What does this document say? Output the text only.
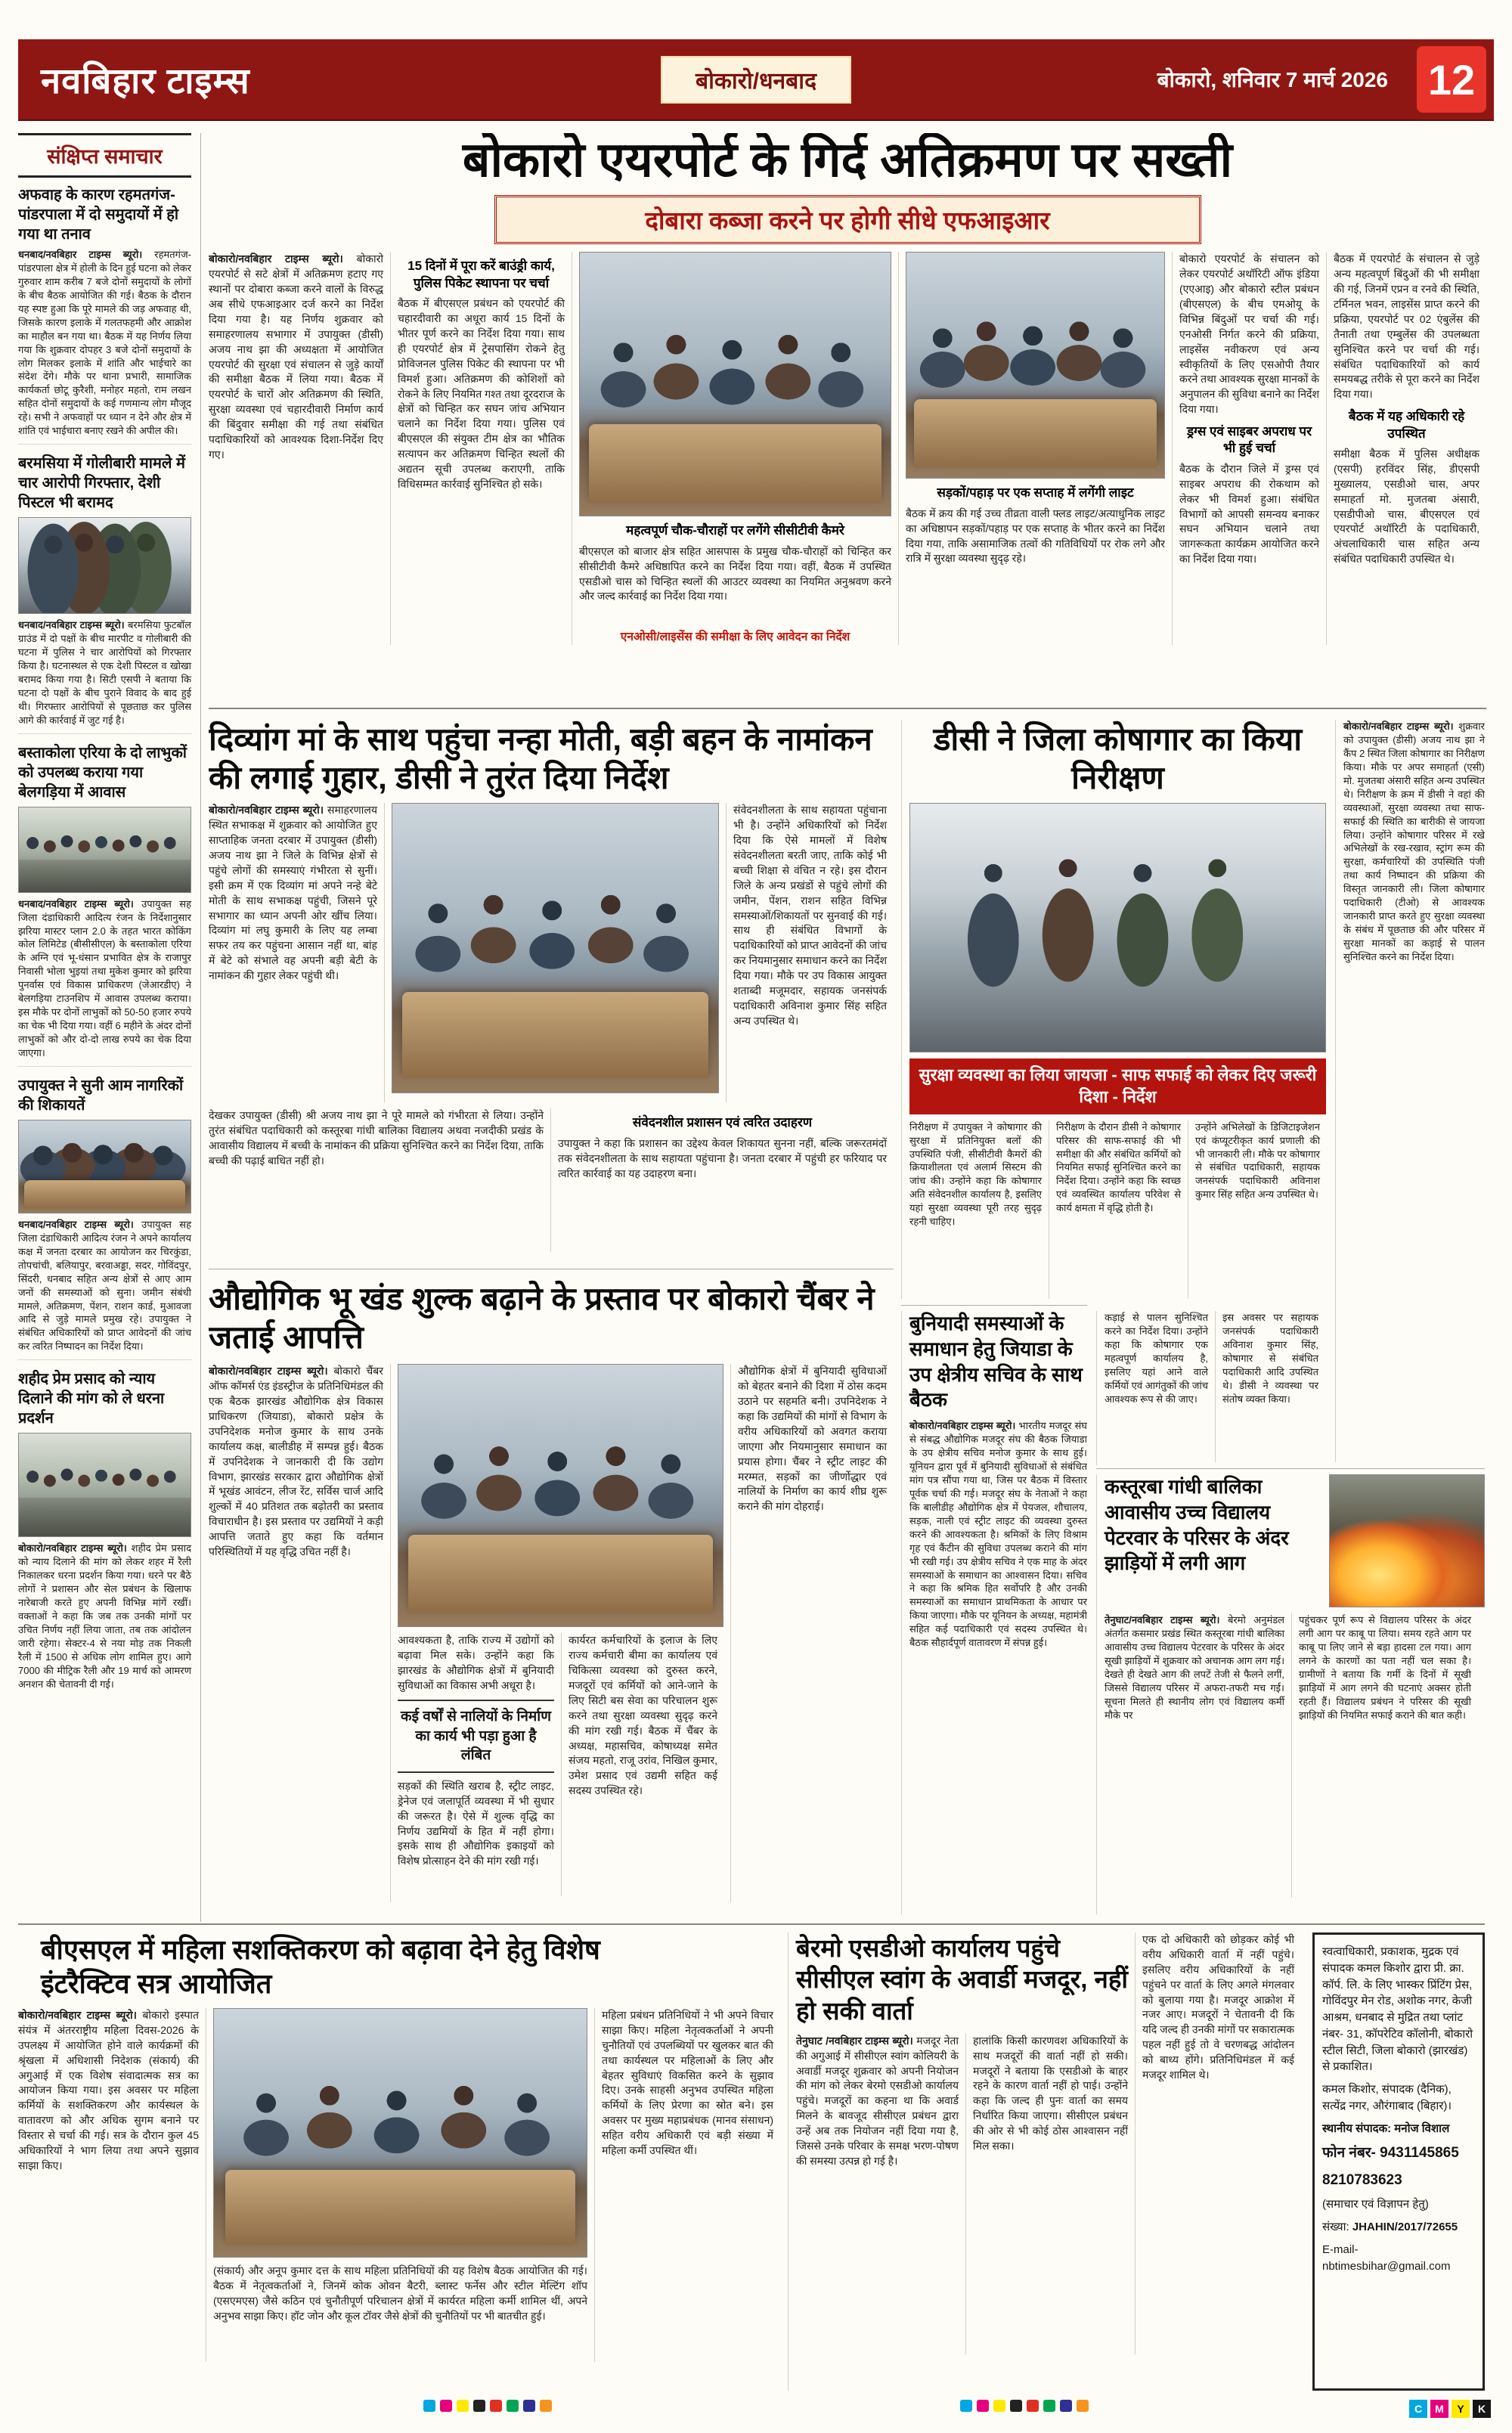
नवबिहार टाइम्स	बोकारो/धनबाद	बोकारो, शनिवार 7 मार्च 2026 12
संक्षिप्त समाचार
अफवाह के कारण रहमतगंज-पांडरपाला में दो समुदायों में हो गया था तनाव

धनबाद/नवबिहार टाइम्स ब्यूरो। रहमतगंज-पांडरपाला क्षेत्र में होली के दिन हुई घटना को लेकर गुरुवार शाम करीब 7 बजे दोनों समुदायों के लोगों के बीच बैठक आयोजित की गई। बैठक के दौरान यह स्पष्ट हुआ कि पूरे मामले की जड़ अफवाह थी, जिसके कारण इलाके में गलतफहमी और आक्रोश का माहौल बन गया था। बैठक में यह निर्णय लिया गया कि शुक्रवार दोपहर 3 बजे दोनों समुदायों के लोग मिलकर इलाके में शांति और भाईचारे का संदेश देंगे। मौके पर थाना प्रभारी, सामाजिक कार्यकर्ता छोटू कुरैशी, मनोहर महतो, राम लखन सहित दोनों समुदायों के कई गणमान्य लोग मौजूद रहे। सभी ने अफवाहों पर ध्यान न देने और क्षेत्र में शांति एवं भाईचारा बनाए रखने की अपील की।

बरमसिया में गोलीबारी मामले में चार आरोपी गिरफ्तार, देशी पिस्टल भी बरामद

धनबाद/नवबिहार टाइम्स ब्यूरो। बरमसिया फुटबॉल ग्राउंड में दो पक्षों के बीच मारपीट व गोलीबारी की घटना में पुलिस ने चार आरोपियों को गिरफ्तार किया है। घटनास्थल से एक देशी पिस्टल व खोखा बरामद किया गया है। सिटी एसपी ने बताया कि घटना दो पक्षों के बीच पुराने विवाद के बाद हुई थी। गिरफ्तार आरोपियों से पूछताछ कर पुलिस आगे की कार्रवाई में जुट गई है।

बस्ताकोला एरिया के दो लाभुकों को उपलब्ध कराया गया बेलगड़िया में आवास

धनबाद/नवबिहार टाइम्स ब्यूरो। उपायुक्त सह जिला दंडाधिकारी आदित्य रंजन के निर्देशानुसार झरिया मास्टर प्लान 2.0 के तहत भारत कोकिंग कोल लिमिटेड (बीसीसीएल) के बस्ताकोला एरिया के अग्नि एवं भू-धंसान प्रभावित क्षेत्र के राजापुर निवासी भोला भुइयां तथा मुकेश कुमार को झरिया पुनर्वास एवं विकास प्राधिकरण (जेआरडीए) ने बेलगड़िया टाउनशिप में आवास उपलब्ध कराया। इस मौके पर दोनों लाभुकों को 50-50 हजार रुपये का चेक भी दिया गया। वहीं 6 महीने के अंदर दोनों लाभुकों को और दो-दो लाख रुपये का चेक दिया जाएगा।

उपायुक्त ने सुनी आम नागरिकों की शिकायतें

धनबाद/नवबिहार टाइम्स ब्यूरो। उपायुक्त सह जिला दंडाधिकारी आदित्य रंजन ने अपने कार्यालय कक्ष में जनता दरबार का आयोजन कर चिरकुंडा, तोपचांची, बलियापुर, बरवाअड्डा, सदर, गोविंदपुर, सिंदरी, धनबाद सहित अन्य क्षेत्रों से आए आम जनों की समस्याओं को सुना। जमीन संबंधी मामले, अतिक्रमण, पेंशन, राशन कार्ड, मुआवजा आदि से जुड़े मामले प्रमुख रहे। उपायुक्त ने संबंधित अधिकारियों को प्राप्त आवेदनों की जांच कर त्वरित निष्पादन का निर्देश दिया।

शहीद प्रेम प्रसाद को न्याय दिलाने की मांग को ले धरना प्रदर्शन

बोकारो/नवबिहार टाइम्स ब्यूरो। शहीद प्रेम प्रसाद को न्याय दिलाने की मांग को लेकर शहर में रैली निकालकर धरना प्रदर्शन किया गया। धरने पर बैठे लोगों ने प्रशासन और सेल प्रबंधन के खिलाफ नारेबाजी करते हुए अपनी विभिन्न मांगें रखीं। वक्ताओं ने कहा कि जब तक उनकी मांगों पर उचित निर्णय नहीं लिया जाता, तब तक आंदोलन जारी रहेगा। सेक्टर-4 से नया मोड़ तक निकली रैली में 1500 से अधिक लोग शामिल हुए। आगे 7000 की मीट्रिक रैली और 19 मार्च को आमरण अनशन की चेतावनी दी गई।

बोकारो एयरपोर्ट के गिर्द अतिक्रमण पर सख्ती
दोबारा कब्जा करने पर होगी सीधे एफआइआर

बोकारो/नवबिहार टाइम्स ब्यूरो। बोकारो एयरपोर्ट से सटे क्षेत्रों में अतिक्रमण हटाए गए स्थानों पर दोबारा कब्जा करने वालों के विरुद्ध अब सीधे एफआइआर दर्ज करने का निर्देश दिया गया है। यह निर्णय शुक्रवार को समाहरणालय सभागार में उपायुक्त (डीसी) अजय नाथ झा की अध्यक्षता में आयोजित एयरपोर्ट की सुरक्षा एवं संचालन से जुड़े कार्यों की समीक्षा बैठक में लिया गया। बैठक में एयरपोर्ट के चारों ओर अतिक्रमण की स्थिति, सुरक्षा व्यवस्था एवं चहारदीवारी निर्माण कार्य की बिंदुवार समीक्षा की गई तथा संबंधित पदाधिकारियों को आवश्यक दिशा-निर्देश दिए गए।

15 दिनों में पूरा करें बाउंड्री कार्य, पुलिस पिकेट स्थापना पर चर्चा

बैठक में बीएसएल प्रबंधन को एयरपोर्ट की चहारदीवारी का अधूरा कार्य 15 दिनों के भीतर पूर्ण करने का निर्देश दिया गया। साथ ही एयरपोर्ट क्षेत्र में ट्रेसपासिंग रोकने हेतु प्रोविजनल पुलिस पिकेट की स्थापना पर भी विमर्श हुआ। अतिक्रमण की कोशिशों को रोकने के लिए नियमित गश्त तथा दूरदराज के क्षेत्रों को चिन्हित कर सघन जांच अभियान चलाने का निर्देश दिया गया। पुलिस एवं बीएसएल की संयुक्त टीम क्षेत्र का भौतिक सत्यापन कर अतिक्रमण चिन्हित स्थलों की अद्यतन सूची उपलब्ध कराएगी, ताकि विधिसम्मत कार्रवाई सुनिश्चित हो सके।

महत्वपूर्ण चौक-चौराहों पर लगेंगे सीसीटीवी कैमरे

बीएसएल को बाजार क्षेत्र सहित आसपास के प्रमुख चौक-चौराहों को चिन्हित कर सीसीटीवी कैमरे अधिष्ठापित करने का निर्देश दिया गया। वहीं, बैठक में उपस्थित एसडीओ चास को चिन्हित स्थलों की आउटर व्यवस्था का नियमित अनुश्रवण करने और जल्द कार्रवाई का निर्देश दिया गया।

एनओसी/लाइसेंस की समीक्षा के लिए आवेदन का निर्देश
सड़कों/पहाड़ पर एक सप्ताह में लगेंगी लाइट

बैठक में क्रय की गई उच्च तीव्रता वाली फ्लड लाइट/अत्याधुनिक लाइट का अधिष्ठापन सड़कों/पहाड़ पर एक सप्ताह के भीतर करने का निर्देश दिया गया, ताकि असामाजिक तत्वों की गतिविधियों पर रोक लगे और रात्रि में सुरक्षा व्यवस्था सुदृढ़ रहे।

बोकारो एयरपोर्ट के संचालन को लेकर एयरपोर्ट अथॉरिटी ऑफ इंडिया (एएआइ) और बोकारो स्टील प्रबंधन (बीएसएल) के बीच एमओयू के विभिन्न बिंदुओं पर चर्चा की गई। एनओसी निर्गत करने की प्रक्रिया, लाइसेंस नवीकरण एवं अन्य स्वीकृतियों के लिए एसओपी तैयार करने तथा आवश्यक सुरक्षा मानकों के अनुपालन की सुविधा बनाने का निर्देश दिया गया।

ड्रग्स एवं साइबर अपराध पर भी हुई चर्चा

बैठक के दौरान जिले में ड्रग्स एवं साइबर अपराध की रोकथाम को लेकर भी विमर्श हुआ। संबंधित विभागों को आपसी समन्वय बनाकर सघन अभियान चलाने तथा जागरूकता कार्यक्रम आयोजित करने का निर्देश दिया गया।

बैठक में एयरपोर्ट के संचालन से जुड़े अन्य महत्वपूर्ण बिंदुओं की भी समीक्षा की गई, जिनमें एप्रन व रनवे की स्थिति, टर्मिनल भवन, लाइसेंस प्राप्त करने की प्रक्रिया, एयरपोर्ट पर 02 एंबुलेंस की तैनाती तथा एम्बुलेंस की उपलब्धता सुनिश्चित करने पर चर्चा की गई। संबंधित पदाधिकारियों को कार्य समयबद्ध तरीके से पूरा करने का निर्देश दिया गया।

बैठक में यह अधिकारी रहे उपस्थित

समीक्षा बैठक में पुलिस अधीक्षक (एसपी) हरविंदर सिंह, डीएसपी मुख्यालय, एसडीओ चास, अपर समाहर्ता मो. मुजतबा अंसारी, एसडीपीओ चास, बीएसएल एवं एयरपोर्ट अथॉरिटी के पदाधिकारी, अंचलाधिकारी चास सहित अन्य संबंधित पदाधिकारी उपस्थित थे।

दिव्यांग मां के साथ पहुंचा नन्हा मोती, बड़ी बहन के नामांकन की लगाई गुहार, डीसी ने तुरंत दिया निर्देश

बोकारो/नवबिहार टाइम्स ब्यूरो। समाहरणालय स्थित सभाकक्ष में शुक्रवार को आयोजित हुए साप्ताहिक जनता दरबार में उपायुक्त (डीसी) अजय नाथ झा ने जिले के विभिन्न क्षेत्रों से पहुंचे लोगों की समस्याएं गंभीरता से सुनीं। इसी क्रम में एक दिव्यांग मां अपने नन्हे बेटे मोती के साथ सभाकक्ष पहुंची, जिसने पूरे सभागार का ध्यान अपनी ओर खींच लिया। दिव्यांग मां लघु कुमारी के लिए यह लम्बा सफर तय कर पहुंचना आसान नहीं था, बांह में बेटे को संभाले वह अपनी बड़ी बेटी के नामांकन की गुहार लेकर पहुंची थी।

संवेदनशीलता के साथ सहायता पहुंचाना भी है। उन्होंने अधिकारियों को निर्देश दिया कि ऐसे मामलों में विशेष संवेदनशीलता बरती जाए, ताकि कोई भी बच्ची शिक्षा से वंचित न रहे। इस दौरान जिले के अन्य प्रखंडों से पहुंचे लोगों की जमीन, पेंशन, राशन सहित विभिन्न समस्याओं/शिकायतों पर सुनवाई की गई। साथ ही संबंधित विभागों के पदाधिकारियों को प्राप्त आवेदनों की जांच कर नियमानुसार समाधान करने का निर्देश दिया गया। मौके पर उप विकास आयुक्त शताब्दी मजूमदार, सहायक जनसंपर्क पदाधिकारी अविनाश कुमार सिंह सहित अन्य उपस्थित थे।

देखकर उपायुक्त (डीसी) श्री अजय नाथ झा ने पूरे मामले को गंभीरता से लिया। उन्होंने तुरंत संबंधित पदाधिकारी को कस्तूरबा गांधी बालिका विद्यालय अथवा नजदीकी प्रखंड के आवासीय विद्यालय में बच्ची के नामांकन की प्रक्रिया सुनिश्चित करने का निर्देश दिया, ताकि बच्ची की पढ़ाई बाधित नहीं हो।

संवेदनशील प्रशासन एवं त्वरित उदाहरण

उपायुक्त ने कहा कि प्रशासन का उद्देश्य केवल शिकायत सुनना नहीं, बल्कि जरूरतमंदों तक संवेदनशीलता के साथ सहायता पहुंचाना है। जनता दरबार में पहुंची हर फरियाद पर त्वरित कार्रवाई का यह उदाहरण बना।

डीसी ने जिला कोषागार का किया निरीक्षण
सुरक्षा व्यवस्था का लिया जायजा - साफ सफाई को लेकर दिए जरूरी दिशा - निर्देश

निरीक्षण में उपायुक्त ने कोषागार की सुरक्षा में प्रतिनियुक्त बलों की उपस्थिति पंजी, सीसीटीवी कैमरों की क्रियाशीलता एवं अलार्म सिस्टम की जांच की। उन्होंने कहा कि कोषागार अति संवेदनशील कार्यालय है, इसलिए यहां सुरक्षा व्यवस्था पूरी तरह सुदृढ़ रहनी चाहिए।

निरीक्षण के दौरान डीसी ने कोषागार परिसर की साफ-सफाई की भी समीक्षा की और संबंधित कर्मियों को नियमित सफाई सुनिश्चित करने का निर्देश दिया। उन्होंने कहा कि स्वच्छ एवं व्यवस्थित कार्यालय परिवेश से कार्य क्षमता में वृद्धि होती है।

उन्होंने अभिलेखों के डिजिटाइजेशन एवं कंप्यूटरीकृत कार्य प्रणाली की भी जानकारी ली। मौके पर कोषागार से संबंधित पदाधिकारी, सहायक जनसंपर्क पदाधिकारी अविनाश कुमार सिंह सहित अन्य उपस्थित थे।

बोकारो/नवबिहार टाइम्स ब्यूरो। शुक्रवार को उपायुक्त (डीसी) अजय नाथ झा ने कैंप 2 स्थित जिला कोषागार का निरीक्षण किया। मौके पर अपर समाहर्ता (एसी) मो. मुजतबा अंसारी सहित अन्य उपस्थित थे। निरीक्षण के क्रम में डीसी ने वहां की व्यवस्थाओं, सुरक्षा व्यवस्था तथा साफ-सफाई की स्थिति का बारीकी से जायजा लिया। उन्होंने कोषागार परिसर में रखे अभिलेखों के रख-रखाव, स्ट्रांग रूम की सुरक्षा, कर्मचारियों की उपस्थिति पंजी तथा कार्य निष्पादन की प्रक्रिया की विस्तृत जानकारी ली। जिला कोषागार पदाधिकारी (टीओ) से आवश्यक जानकारी प्राप्त करते हुए सुरक्षा व्यवस्था के संबंध में पूछताछ की और परिसर में सुरक्षा मानकों का कड़ाई से पालन सुनिश्चित करने का निर्देश दिया।

औद्योगिक भू खंड शुल्क बढ़ाने के प्रस्ताव पर बोकारो चैंबर ने जताई आपत्ति

बोकारो/नवबिहार टाइम्स ब्यूरो। बोकारो चैंबर ऑफ कॉमर्स एंड इंडस्ट्रीज के प्रतिनिधिमंडल की एक बैठक झारखंड औद्योगिक क्षेत्र विकास प्राधिकरण (जियाडा), बोकारो प्रक्षेत्र के उपनिदेशक मनोज कुमार के साथ उनके कार्यालय कक्ष, बालीडीह में सम्पन्न हुई। बैठक में उपनिदेशक ने जानकारी दी कि उद्योग विभाग, झारखंड सरकार द्वारा औद्योगिक क्षेत्रों में भूखंड आवंटन, लीज रेंट, सर्विस चार्ज आदि शुल्कों में 40 प्रतिशत तक बढ़ोतरी का प्रस्ताव विचाराधीन है। इस प्रस्ताव पर उद्यमियों ने कड़ी आपत्ति जताते हुए कहा कि वर्तमान परिस्थितियों में यह वृद्धि उचित नहीं है।

आवश्यकता है, ताकि राज्य में उद्योगों को बढ़ावा मिल सके। उन्होंने कहा कि झारखंड के औद्योगिक क्षेत्रों में बुनियादी सुविधाओं का विकास अभी अधूरा है।

कई वर्षों से नालियों के निर्माण का कार्य भी पड़ा हुआ है लंबित

सड़कों की स्थिति खराब है, स्ट्रीट लाइट, ड्रेनेज एवं जलापूर्ति व्यवस्था में भी सुधार की जरूरत है। ऐसे में शुल्क वृद्धि का निर्णय उद्यमियों के हित में नहीं होगा। इसके साथ ही औद्योगिक इकाइयों को विशेष प्रोत्साहन देने की मांग रखी गई।

कार्यरत कर्मचारियों के इलाज के लिए राज्य कर्मचारी बीमा का कार्यालय एवं चिकित्सा व्यवस्था को दुरुस्त करने, मजदूरों एवं कर्मियों को आने-जाने के लिए सिटी बस सेवा का परिचालन शुरू करने तथा सुरक्षा व्यवस्था सुदृढ़ करने की मांग रखी गई। बैठक में चैंबर के अध्यक्ष, महासचिव, कोषाध्यक्ष समेत संजय महतो, राजू उरांव, निखिल कुमार, उमेश प्रसाद एवं उद्यमी सहित कई सदस्य उपस्थित रहे।

औद्योगिक क्षेत्रों में बुनियादी सुविधाओं को बेहतर बनाने की दिशा में ठोस कदम उठाने पर सहमति बनी। उपनिदेशक ने कहा कि उद्यमियों की मांगों से विभाग के वरीय अधिकारियों को अवगत कराया जाएगा और नियमानुसार समाधान का प्रयास होगा। चैंबर ने स्ट्रीट लाइट की मरम्मत, सड़कों का जीर्णोद्धार एवं नालियों के निर्माण का कार्य शीघ्र शुरू कराने की मांग दोहराई।

बुनियादी समस्याओं के समाधान हेतु जियाडा के उप क्षेत्रीय सचिव के साथ बैठक

बोकारो/नवबिहार टाइम्स ब्यूरो। भारतीय मजदूर संघ से संबद्ध औद्योगिक मजदूर संघ की बैठक जियाडा के उप क्षेत्रीय सचिव मनोज कुमार के साथ हुई। यूनियन द्वारा पूर्व में बुनियादी सुविधाओं से संबंधित मांग पत्र सौंपा गया था, जिस पर बैठक में विस्तार पूर्वक चर्चा की गई। मजदूर संघ के नेताओं ने कहा कि बालीडीह औद्योगिक क्षेत्र में पेयजल, शौचालय, सड़क, नाली एवं स्ट्रीट लाइट की व्यवस्था दुरुस्त करने की आवश्यकता है। श्रमिकों के लिए विश्राम गृह एवं कैंटीन की सुविधा उपलब्ध कराने की मांग भी रखी गई। उप क्षेत्रीय सचिव ने एक माह के अंदर समस्याओं के समाधान का आश्वासन दिया। सचिव ने कहा कि श्रमिक हित सर्वोपरि है और उनकी समस्याओं का समाधान प्राथमिकता के आधार पर किया जाएगा। मौके पर यूनियन के अध्यक्ष, महामंत्री सहित कई पदाधिकारी एवं सदस्य उपस्थित थे। बैठक सौहार्दपूर्ण वातावरण में संपन्न हुई।

कड़ाई से पालन सुनिश्चित करने का निर्देश दिया। उन्होंने कहा कि कोषागार एक महत्वपूर्ण कार्यालय है, इसलिए यहां आने वाले कर्मियों एवं आगंतुकों की जांच आवश्यक रूप से की जाए।

इस अवसर पर सहायक जनसंपर्क पदाधिकारी अविनाश कुमार सिंह, कोषागार से संबंधित पदाधिकारी आदि उपस्थित थे। डीसी ने व्यवस्था पर संतोष व्यक्त किया।

कस्तूरबा गांधी बालिका आवासीय उच्च विद्यालय पेटरवार के परिसर के अंदर झाड़ियों में लगी आग

तेनुघाट/नवबिहार टाइम्स ब्यूरो। बेरमो अनुमंडल अंतर्गत कसमार प्रखंड स्थित कस्तूरबा गांधी बालिका आवासीय उच्च विद्यालय पेटरवार के परिसर के अंदर सूखी झाड़ियों में शुक्रवार को अचानक आग लग गई। देखते ही देखते आग की लपटें तेजी से फैलने लगीं, जिससे विद्यालय परिसर में अफरा-तफरी मच गई। सूचना मिलते ही स्थानीय लोग एवं विद्यालय कर्मी मौके पर

पहुंचकर पूर्ण रूप से विद्यालय परिसर के अंदर लगी आग पर काबू पा लिया। समय रहते आग पर काबू पा लिए जाने से बड़ा हादसा टल गया। आग लगने के कारणों का पता नहीं चल सका है। ग्रामीणों ने बताया कि गर्मी के दिनों में सूखी झाड़ियों में आग लगने की घटनाएं अक्सर होती रहती हैं। विद्यालय प्रबंधन ने परिसर की सूखी झाड़ियों की नियमित सफाई कराने की बात कही।

बीएसएल में महिला सशक्तिकरण को बढ़ावा देने हेतु विशेष इंटरैक्टिव सत्र आयोजित

बोकारो/नवबिहार टाइम्स ब्यूरो। बोकारो इस्पात संयंत्र में अंतरराष्ट्रीय महिला दिवस-2026 के उपलक्ष्य में आयोजित होने वाले कार्यक्रमों की श्रृंखला में अधिशासी निदेशक (संकार्य) की अगुआई में एक विशेष संवादात्मक सत्र का आयोजन किया गया। इस अवसर पर महिला कर्मियों के सशक्तिकरण और कार्यस्थल के वातावरण को और अधिक सुगम बनाने पर विस्तार से चर्चा की गई। सत्र के दौरान कुल 45 अधिकारियों ने भाग लिया तथा अपने सुझाव साझा किए।

(संकार्य) और अनूप कुमार दत्त के साथ महिला प्रतिनिधियों की यह विशेष बैठक आयोजित की गई। बैठक में नेतृत्वकर्ताओं ने, जिनमें कोक ओवन बैटरी, ब्लास्ट फर्नेस और स्टील मेल्टिंग शॉप (एसएमएस) जैसे कठिन एवं चुनौतीपूर्ण परिचालन क्षेत्रों में कार्यरत महिला कर्मी शामिल थीं, अपने अनुभव साझा किए। हॉट जोन और कूल टॉवर जैसे क्षेत्रों की चुनौतियों पर भी बातचीत हुई।

महिला प्रबंधन प्रतिनिधियों ने भी अपने विचार साझा किए। महिला नेतृत्वकर्ताओं ने अपनी चुनौतियों एवं उपलब्धियों पर खुलकर बात की तथा कार्यस्थल पर महिलाओं के लिए और बेहतर सुविधाएं विकसित करने के सुझाव दिए। उनके साहसी अनुभव उपस्थित महिला कर्मियों के लिए प्रेरणा का स्रोत बने। इस अवसर पर मुख्य महाप्रबंधक (मानव संसाधन) सहित वरीय अधिकारी एवं बड़ी संख्या में महिला कर्मी उपस्थित थीं।

बेरमो एसडीओ कार्यालय पहुंचे सीसीएल स्वांग के अवार्डी मजदूर, नहीं हो सकी वार्ता

तेनुघाट /नवबिहार टाइम्स ब्यूरो। मजदूर नेता की अगुआई में सीसीएल स्वांग कोलियरी के अवार्डी मजदूर शुक्रवार को अपनी नियोजन की मांग को लेकर बेरमो एसडीओ कार्यालय पहुंचे। मजदूरों का कहना था कि अवार्ड मिलने के बावजूद सीसीएल प्रबंधन द्वारा उन्हें अब तक नियोजन नहीं दिया गया है, जिससे उनके परिवार के समक्ष भरण-पोषण की समस्या उत्पन्न हो गई है।

हालांकि किसी कारणवश अधिकारियों के साथ मजदूरों की वार्ता नहीं हो सकी। मजदूरों ने बताया कि एसडीओ के बाहर रहने के कारण वार्ता नहीं हो पाई। उन्होंने कहा कि जल्द ही पुनः वार्ता का समय निर्धारित किया जाएगा। सीसीएल प्रबंधन की ओर से भी कोई ठोस आश्वासन नहीं मिल सका।

एक दो अधिकारी को छोड़कर कोई भी वरीय अधिकारी वार्ता में नहीं पहुंचे। इसलिए वरीय अधिकारियों के नहीं पहुंचने पर वार्ता के लिए अगले मंगलवार को बुलाया गया है। मजदूर आक्रोश में नजर आए। मजदूरों ने चेतावनी दी कि यदि जल्द ही उनकी मांगों पर सकारात्मक पहल नहीं हुई तो वे चरणबद्ध आंदोलन को बाध्य होंगे। प्रतिनिधिमंडल में कई मजदूर शामिल थे।

स्वत्वाधिकारी, प्रकाशक, मुद्रक एवं संपादक कमल किशोर द्वारा प्री. क्रा. कॉर्प. लि. के लिए भास्कर प्रिंटिंग प्रेस, गोविंदपुर मेन रोड, अशोक नगर, केजी आश्रम, धनबाद से मुद्रित तथा प्लांट नंबर- 31, कॉपरेटिव कॉलोनी, बोकारो स्टील सिटी, जिला बोकारो (झारखंड) से प्रकाशित।

कमल किशोर, संपादक (दैनिक), सत्येंद्र नगर, औरंगाबाद (बिहार)।

स्थानीय संपादक: मनोज विशाल

फोन नंबर- 9431145865

8210783623

(समाचार एवं विज्ञापन हेतु)

संख्या: JHAHIN/2017/72655

E-mail- nbtimesbihar@gmail.com

C	M	Y	K
